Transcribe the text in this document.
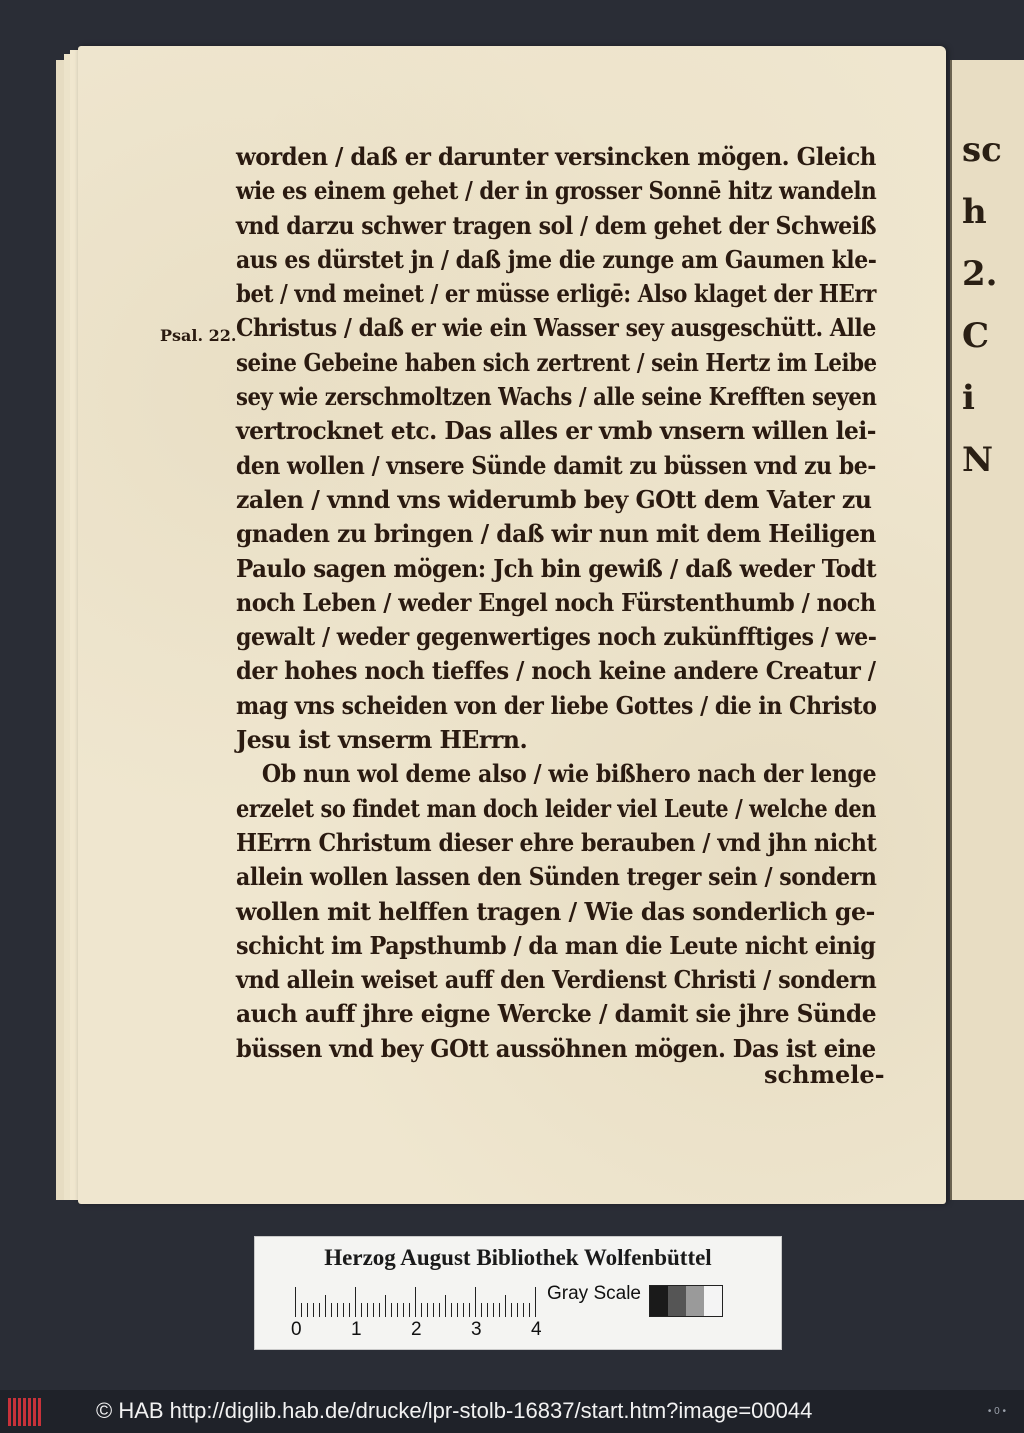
Psal. 22.
worden / daß er darunter versincken mögen. Gleich
wie es einem gehet / der in grosser Sonnē hitz wandeln
vnd darzu schwer tragen sol / dem gehet der Schweiß
aus es dürstet jn / daß jme die zunge am Gaumen kle-
bet / vnd meinet / er müsse erligē: Also klaget der HErr
Christus / daß er wie ein Wasser sey ausgeschütt. Alle
seine Gebeine haben sich zertrent / sein Hertz im Leibe
sey wie zerschmoltzen Wachs / alle seine Krefften seyen
vertrocknet etc. Das alles er vmb vnsern willen lei-
den wollen / vnsere Sünde damit zu büssen vnd zu be-
zalen / vnnd vns widerumb bey GOtt dem Vater zu
gnaden zu bringen / daß wir nun mit dem Heiligen
Paulo sagen mögen: Jch bin gewiß / daß weder Todt
noch Leben / weder Engel noch Fürstenthumb / noch
gewalt / weder gegenwertiges noch zukünfftiges / we-
der hohes noch tieffes / noch keine andere Creatur /
mag vns scheiden von der liebe Gottes / die in Christo
Jesu ist vnserm HErrn.
Ob nun wol deme also / wie bißhero nach der lenge
erzelet so findet man doch leider viel Leute / welche den
HErrn Christum dieser ehre berauben / vnd jhn nicht
allein wollen lassen den Sünden treger sein / sondern
wollen mit helffen tragen / Wie das sonderlich ge-
schicht im Papsthumb / da man die Leute nicht einig
vnd allein weiset auff den Verdienst Christi / sondern
auch auff jhre eigne Wercke / damit sie jhre Sünde
büssen vnd bey GOtt aussöhnen mögen. Das ist eine
schmele-
sc
h
2.
C
i
N
Herzog August Bibliothek Wolfenbüttel
0	1	2	3	4
Gray Scale
© HAB http://diglib.hab.de/drucke/lpr-stolb-16837/start.htm?image=00044	• 0 •
